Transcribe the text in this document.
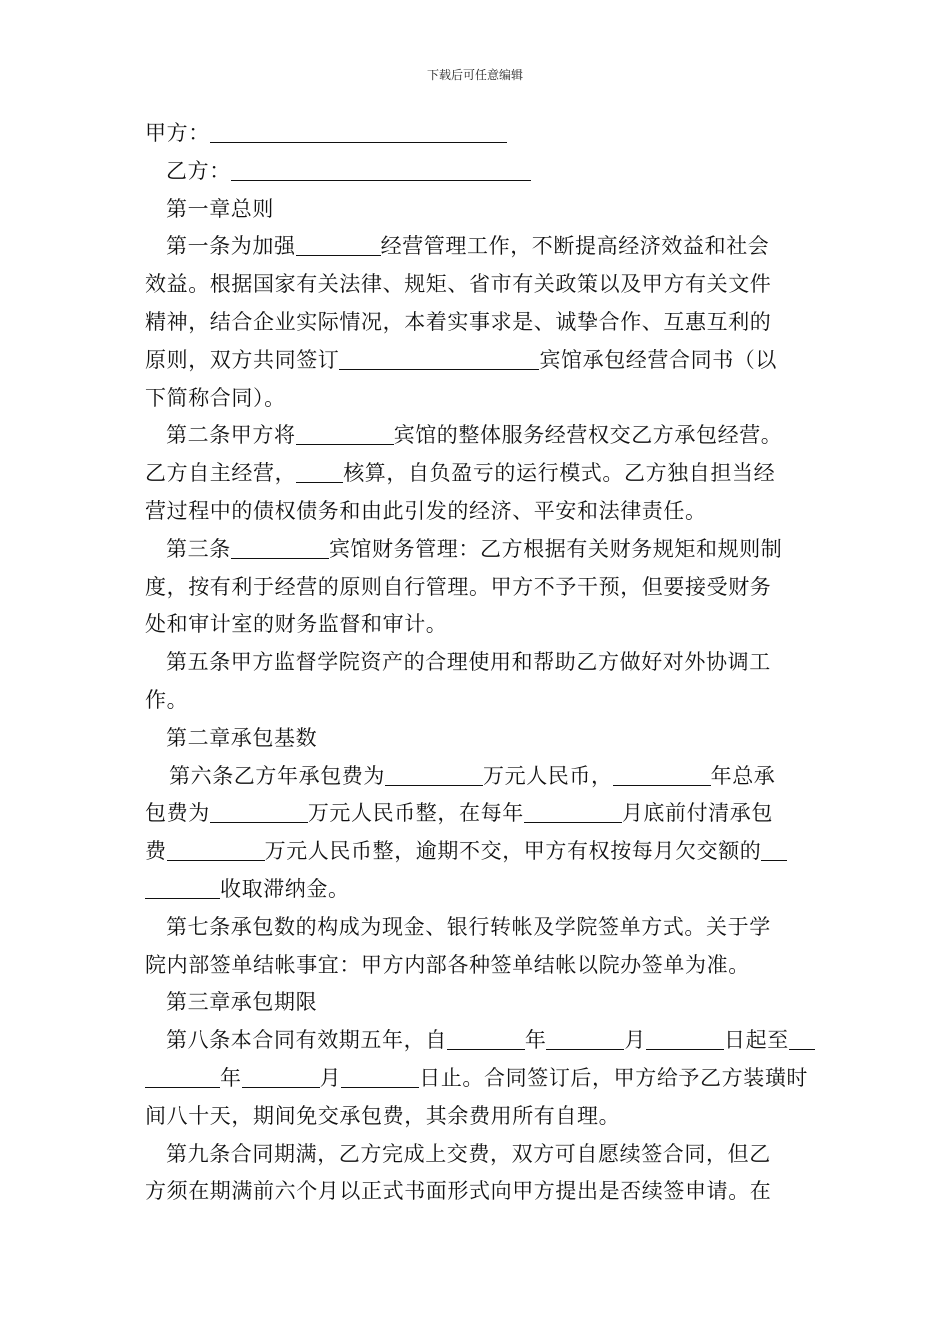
下载后可任意编辑
甲方：
乙方：
第一章总则
第一条为加强	经营管理工作，不断提高经济效益和社会
效益。根据国家有关法律、规矩、省市有关政策以及甲方有关文件
精神，结合企业实际情况，本着实事求是、诚挚合作、互惠互利的
原则，双方共同签订	宾馆承包经营合同书（以
下简称合同）。
第二条甲方将	宾馆的整体服务经营权交乙方承包经营。
乙方自主经营， 核算，自负盈亏的运行模式。乙方独自担当经
营过程中的债权债务和由此引发的经济、平安和法律责任。
第三条	宾馆财务管理：乙方根据有关财务规矩和规则制
度，按有利于经营的原则自行管理。甲方不予干预，但要接受财务
处和审计室的财务监督和审计。
第五条甲方监督学院资产的合理使用和帮助乙方做好对外协调工
作。
第二章承包基数
第六条乙方年承包费为	万元人民币，	年总承
包费为	万元人民币整，在每年	月底前付清承包
费	万元人民币整，逾期不交，甲方有权按每月欠交额的
收取滞纳金。
第七条承包数的构成为现金、银行转帐及学院签单方式。关于学
院内部签单结帐事宜：甲方内部各种签单结帐以院办签单为准。
第三章承包期限
第八条本合同有效期五年，自	年	月	日起至
年	月	日止。合同签订后，甲方给予乙方装璜时
间八十天，期间免交承包费，其余费用所有自理。
第九条合同期满，乙方完成上交费，双方可自愿续签合同，但乙
方须在期满前六个月以正式书面形式向甲方提出是否续签申请。在
